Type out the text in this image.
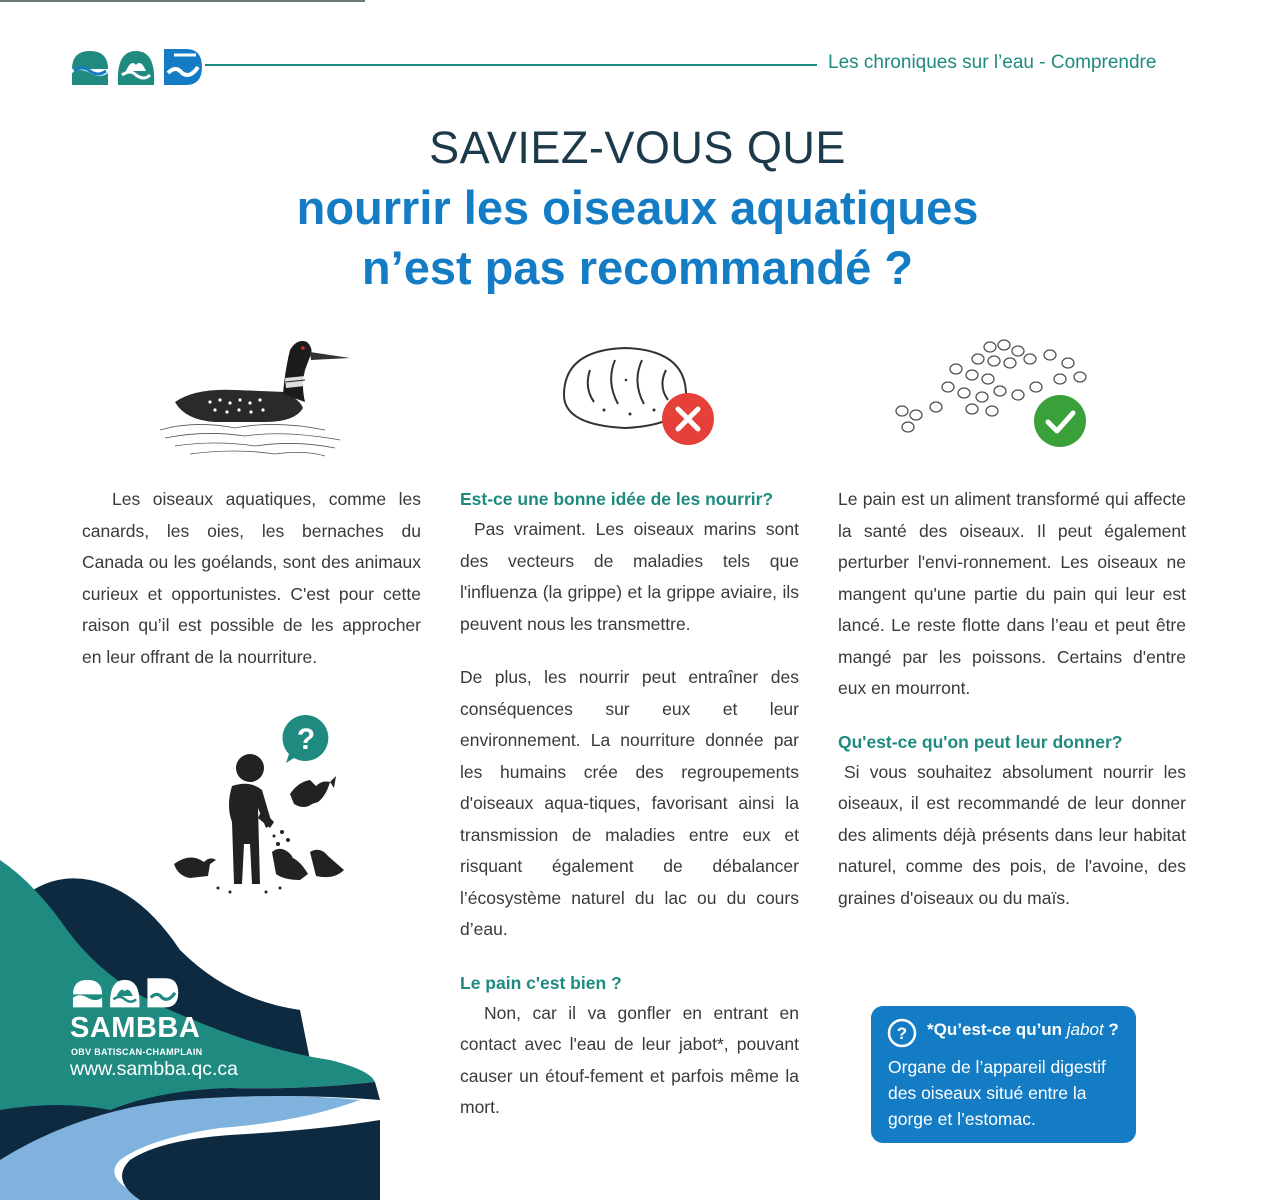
Les chroniques sur l’eau - Comprendre
SAVIEZ-VOUS QUE
nourrir les oiseaux aquatiques
n’est pas recommandé ?

Les oiseaux aquatiques, comme les canards, les oies, les bernaches du Canada ou les goélands, sont des animaux curieux et opportunistes. C'est pour cette raison qu’il est possible de les approcher en leur offrant de la nourriture.

?

Est-ce une bonne idée de les nourrir?

Pas vraiment. Les oiseaux marins sont des vecteurs de maladies tels que l'influenza (la grippe) et la grippe aviaire, ils peuvent nous les transmettre.

De plus, les nourrir peut entraîner des conséquences sur eux et leur environnement. La nourriture donnée par les humains crée des regroupements d'oiseaux aqua-tiques, favorisant ainsi la transmission de maladies entre eux et risquant également de débalancer l’écosystème naturel du lac ou du cours d’eau.

Le pain c'est bien ?

Non, car il va gonfler en entrant en contact avec l'eau de leur jabot*, pouvant causer un étouf-fement et parfois même la mort.

Le pain est un aliment transformé qui affecte la santé des oiseaux. Il peut également perturber l'envi-ronnement. Les oiseaux ne mangent qu'une partie du pain qui leur est lancé. Le reste flotte dans l’eau et peut être mangé par les poissons. Certains d'entre eux en mourront.

Qu'est-ce qu'on peut leur donner?

Si vous souhaitez absolument nourrir les oiseaux, il est recommandé de leur donner des aliments déjà présents dans leur habitat naturel, comme des pois, de l'avoine, des graines d'oiseaux ou du maïs.

? *Qu’est-ce qu’un jabot ?
Organe de l’appareil digestif des oiseaux situé entre la gorge et l’estomac.
SAMBBA
OBV BATISCAN-CHAMPLAIN
www.sambba.qc.ca
